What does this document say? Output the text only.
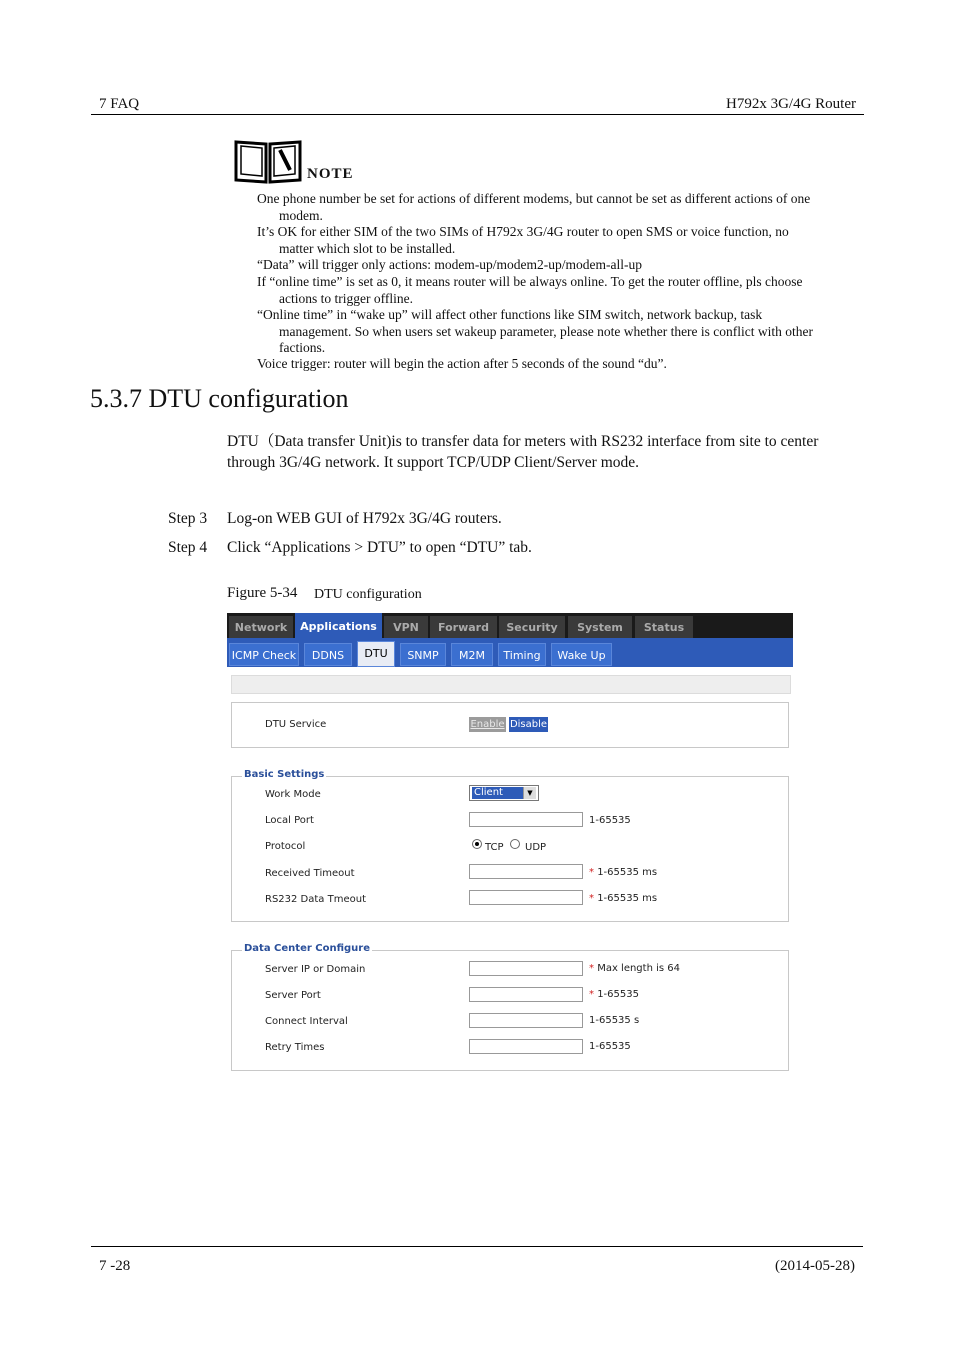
7 FAQ	H792x 3G/4G Router
NOTE
One phone number be set for actions of different modems, but cannot be set as different actions of one
modem.
It’s OK for either SIM of the two SIMs of H792x 3G/4G router to open SMS or voice function, no
matter which slot to be installed.
“Data” will trigger only actions: modem-up/modem2-up/modem-all-up
If “online time” is set as 0, it means router will be always online. To get the router offline, pls choose
actions to trigger offline.
“Online time” in “wake up” will affect other functions like SIM switch, network backup, task
management. So when users set wakeup parameter, please note whether there is conflict with other
factions.
Voice trigger: router will begin the action after 5 seconds of the sound “du”.
5.3.7 DTU configuration
DTU（Data transfer Unit)is to transfer data for meters with RS232 interface from site to center through 3G/4G network. It support TCP/UDP Client/Server mode.
Step 3 Log-on WEB GUI of H792x 3G/4G routers.
Step 4 Click “Applications > DTU” to open “DTU” tab.
Figure 5-34 DTU configuration
Network	Applications	VPN	Forward	Security	System	Status
ICMP Check	DDNS	DTU	SNMP	M2M	Timing	Wake Up
DTU Service	Enable Disable
Basic Settings
Work Mode	Client	▼
Local Port	1-65535
Protocol	TCP UDP
Received Timeout	* 1-65535 ms
RS232 Data Tmeout	* 1-65535 ms
Data Center Configure
Server IP or Domain	* Max length is 64
Server Port	* 1-65535
Connect Interval	1-65535 s
Retry Times	1-65535
7 -28	(2014-05-28)
